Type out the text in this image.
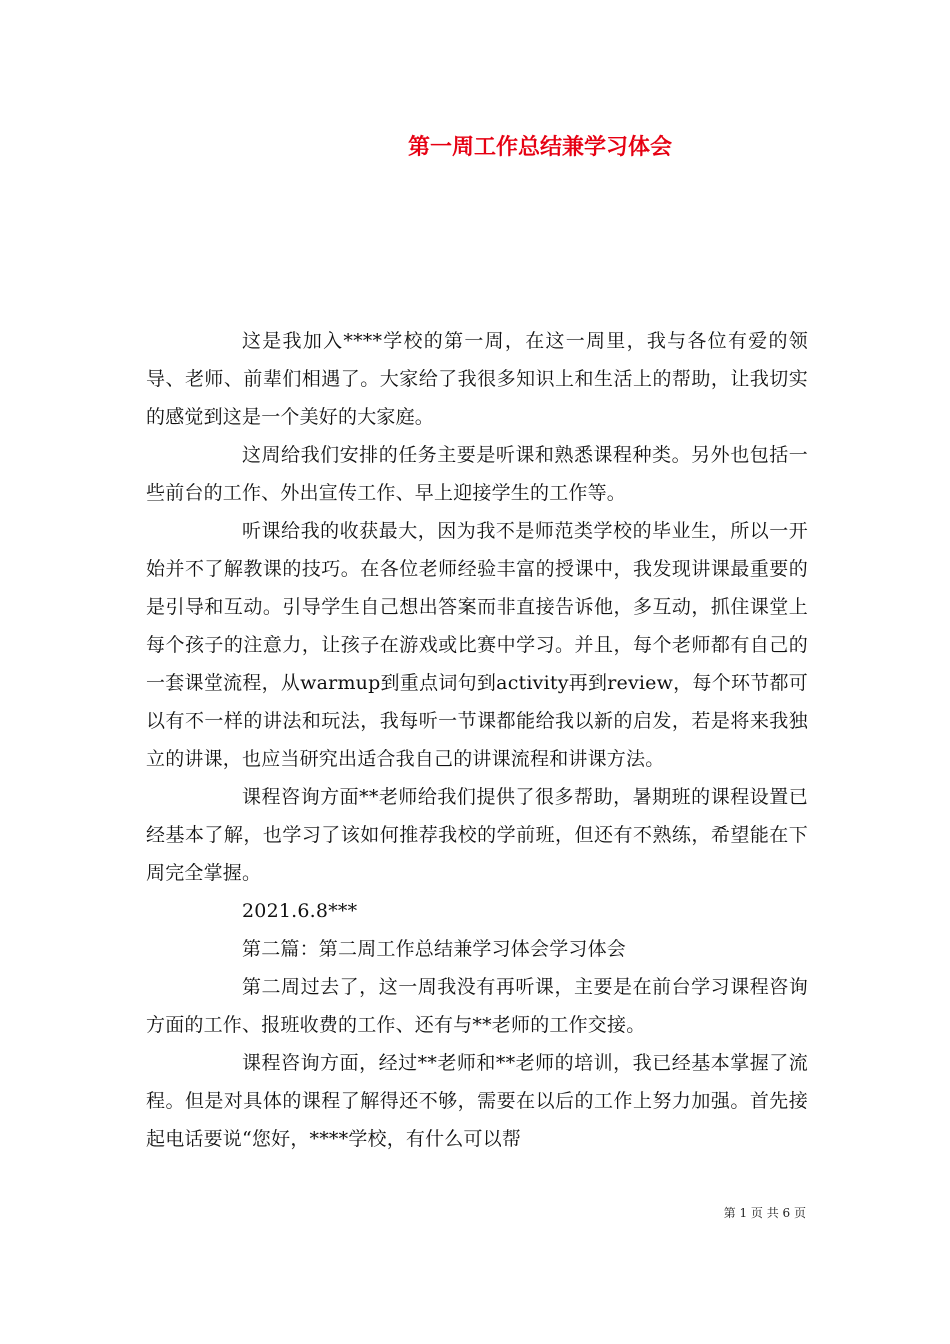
第一周工作总结兼学习体会

这是我加入****学校的第一周，在这一周里，我与各位有爱的领导、老师、前辈们相遇了。大家给了我很多知识上和生活上的帮助，让我切实的感觉到这是一个美好的大家庭。

这周给我们安排的任务主要是听课和熟悉课程种类。另外也包括一些前台的工作、外出宣传工作、早上迎接学生的工作等。

听课给我的收获最大，因为我不是师范类学校的毕业生，所以一开始并不了解教课的技巧。在各位老师经验丰富的授课中，我发现讲课最重要的是引导和互动。引导学生自己想出答案而非直接告诉他，多互动，抓住课堂上每个孩子的注意力，让孩子在游戏或比赛中学习。并且，每个老师都有自己的一套课堂流程，从warmup到重点词句到activity再到review，每个环节都可以有不一样的讲法和玩法，我每听一节课都能给我以新的启发，若是将来我独立的讲课，也应当研究出适合我自己的讲课流程和讲课方法。

课程咨询方面**老师给我们提供了很多帮助，暑期班的课程设置已经基本了解，也学习了该如何推荐我校的学前班，但还有不熟练，希望能在下周完全掌握。

2021.6.8***

第二篇：第二周工作总结兼学习体会学习体会

第二周过去了，这一周我没有再听课，主要是在前台学习课程咨询方面的工作、报班收费的工作、还有与**老师的工作交接。

课程咨询方面，经过**老师和**老师的培训，我已经基本掌握了流程。但是对具体的课程了解得还不够，需要在以后的工作上努力加强。首先接起电话要说“您好，****学校，有什么可以帮

第 1 页 共 6 页
